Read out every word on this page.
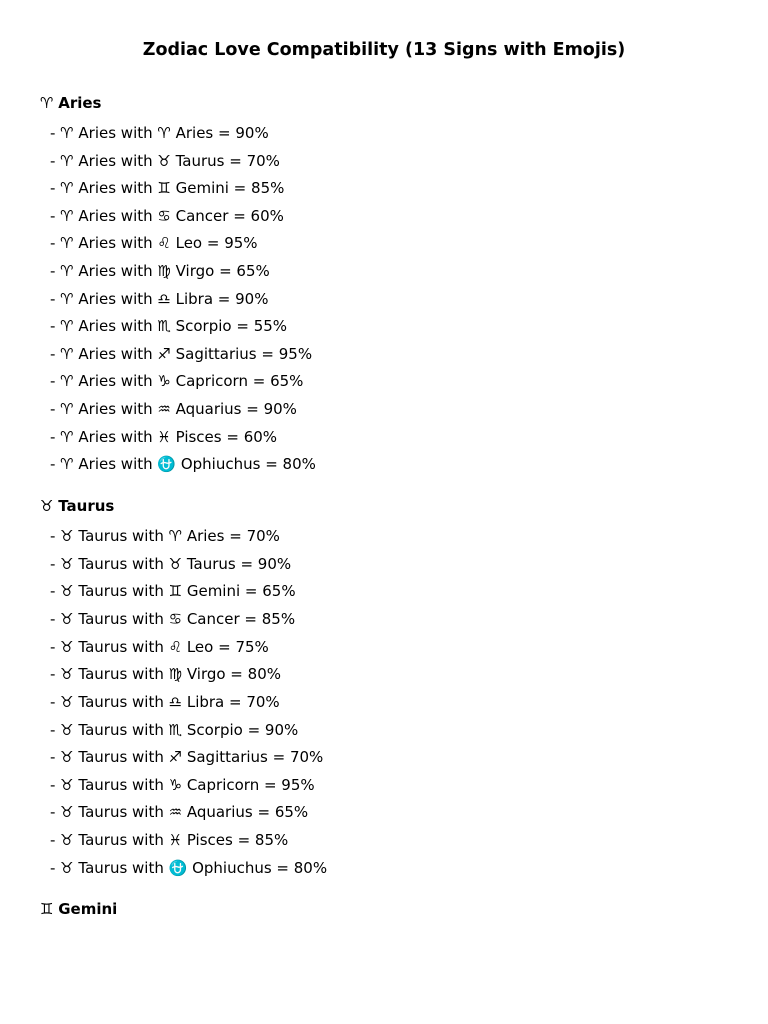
Zodiac Love Compatibility (13 Signs with Emojis)
♈ Aries
- ♈ Aries with ♈ Aries = 90%
- ♈ Aries with ♉ Taurus = 70%
- ♈ Aries with ♊ Gemini = 85%
- ♈ Aries with ♋ Cancer = 60%
- ♈ Aries with ♌ Leo = 95%
- ♈ Aries with ♍ Virgo = 65%
- ♈ Aries with ♎ Libra = 90%
- ♈ Aries with ♏ Scorpio = 55%
- ♈ Aries with ♐ Sagittarius = 95%
- ♈ Aries with ♑ Capricorn = 65%
- ♈ Aries with ♒ Aquarius = 90%
- ♈ Aries with ♓ Pisces = 60%
- ♈ Aries with ⛎ Ophiuchus = 80%
♉ Taurus
- ♉ Taurus with ♈ Aries = 70%
- ♉ Taurus with ♉ Taurus = 90%
- ♉ Taurus with ♊ Gemini = 65%
- ♉ Taurus with ♋ Cancer = 85%
- ♉ Taurus with ♌ Leo = 75%
- ♉ Taurus with ♍ Virgo = 80%
- ♉ Taurus with ♎ Libra = 70%
- ♉ Taurus with ♏ Scorpio = 90%
- ♉ Taurus with ♐ Sagittarius = 70%
- ♉ Taurus with ♑ Capricorn = 95%
- ♉ Taurus with ♒ Aquarius = 65%
- ♉ Taurus with ♓ Pisces = 85%
- ♉ Taurus with ⛎ Ophiuchus = 80%
♊ Gemini
